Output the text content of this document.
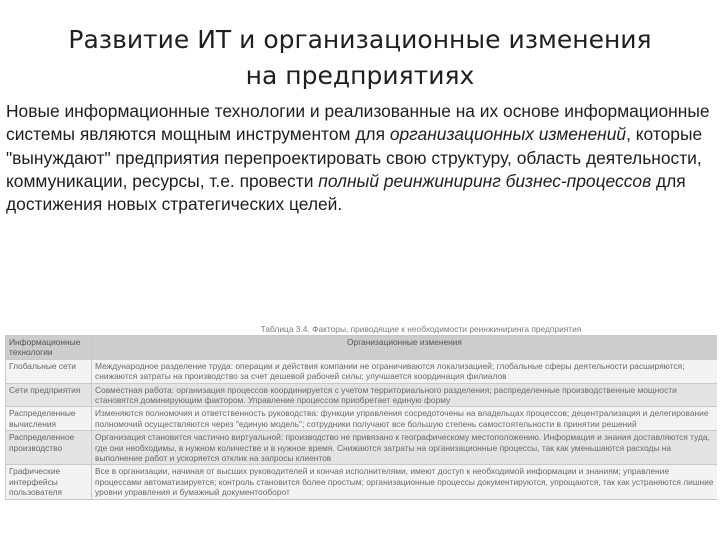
Развитие ИТ и организационные изменения
на предприятиях
Новые информационные технологии и реализованные на их основе информационные системы являются мощным инструментом для организационных изменений, которые "вынуждают" предприятия перепроектировать свою структуру, область деятельности, коммуникации, ресурсы, т.е. провести полный реинжиниринг бизнес-процессов для достижения новых стратегических целей.
Таблица 3.4. Факторы, приводящие к необходимости реинжиниринга предприятия
Информационные технологии	Организационные изменения
Глобальные сети	Международное разделение труда: операции и действия компании не ограничиваются локализацией; глобальные сферы деятельности расширяются; снижаются затраты на производство за счет дешевой рабочей силы; улучшается координация филиалов
Сети предприятия	Совместная работа: организация процессов координируется с учетом территориального разделения; распределенные производственные мощности становятся доминирующим фактором. Управление процессом приобретает единую форму
Распределенные вычисления	Изменяются полномочия и ответственность руководства: функции управления сосредоточены на владельцах процессов; децентрализация и делегирование полномочий осуществляются через "единую модель"; сотрудники получают все большую степень самостоятельности в принятии решений
Распределенное производство	Организация становится частично виртуальной: производство не привязано к географическому местоположению. Информация и знания доставляются туда, где они необходимы, в нужном количестве и в нужное время. Снижаются затраты на организационные процессы, так как уменьшаются расходы на выполнение работ и ускоряется отклик на запросы клиентов
Графические интерфейсы пользователя	Все в организации, начиная от высших руководителей и кончая исполнителями, имеют доступ к необходимой информации и знаниям; управление процессами автоматизируется; контроль становится более простым; организационные процессы документируются, упрощаются, так как устраняются лишние уровни управления и бумажный документооборот
